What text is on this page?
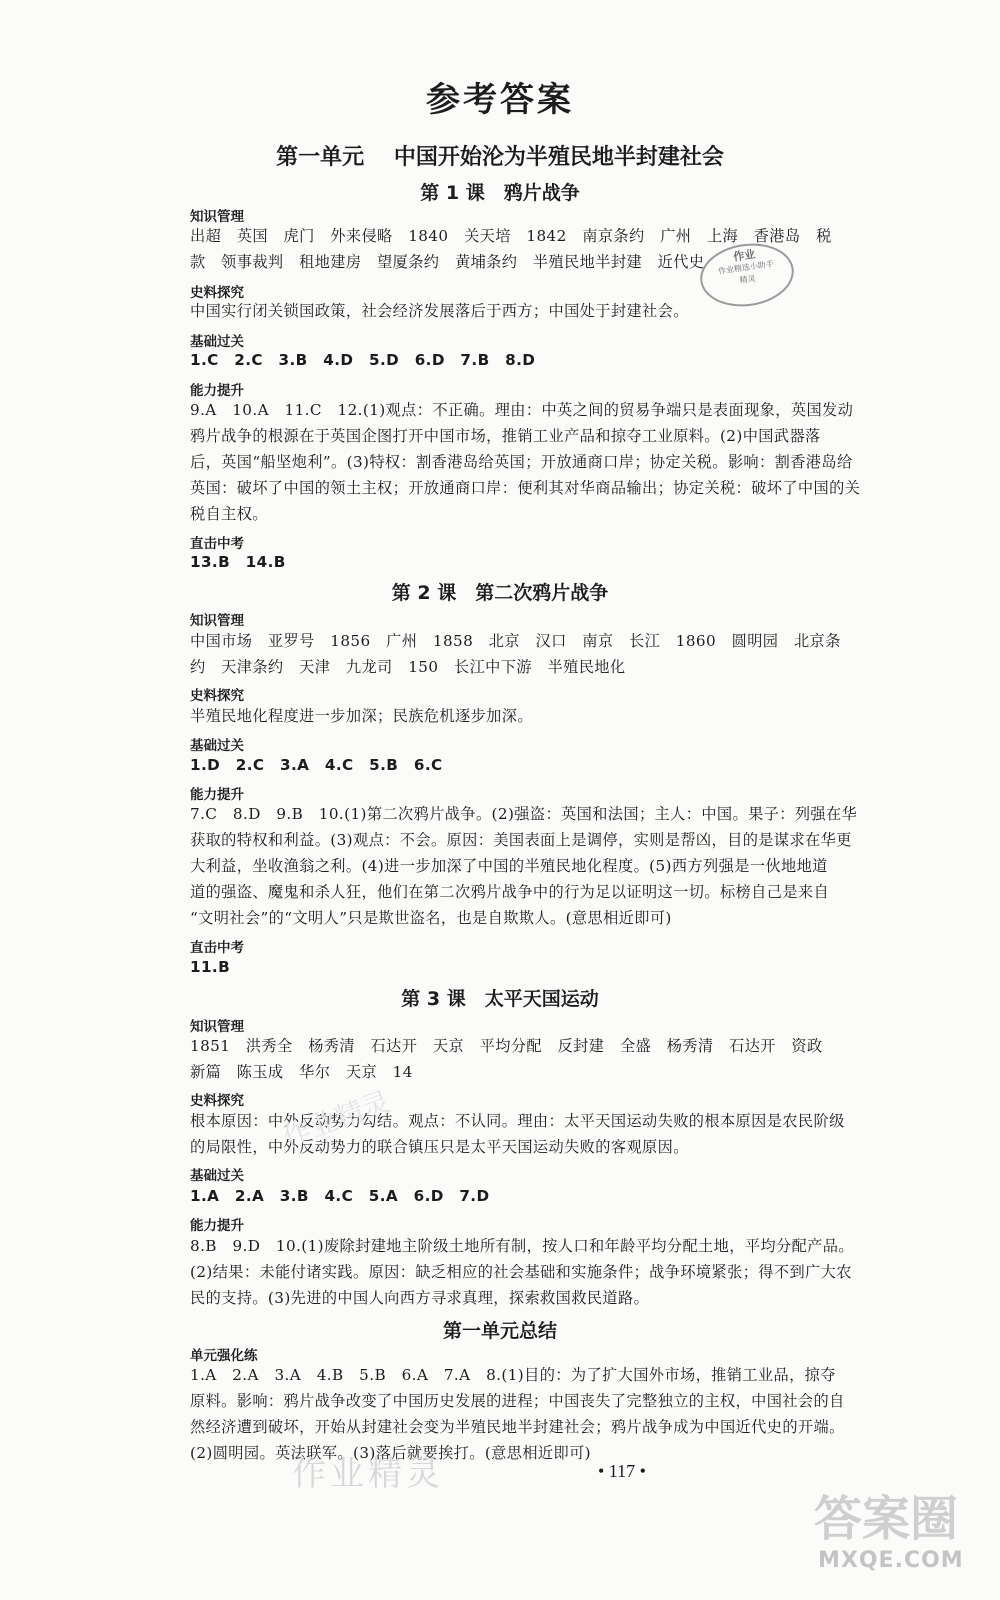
参考答案
第一单元　 中国开始沦为半殖民地半封建社会
第 1 课　鸦片战争
知识管理
出超　英国　虎门　外来侵略　1840　关天培　1842　南京条约　广州　上海　香港岛　税
款　领事裁判　租地建房　望厦条约　黄埔条约　半殖民地半封建　近代史
史料探究
中国实行闭关锁国政策，社会经济发展落后于西方；中国处于封建社会。
基础过关
1.C　2.C　3.B　4.D　5.D　6.D　7.B　8.D
能力提升
9.A　10.A　11.C　12.(1)观点：不正确。理由：中英之间的贸易争端只是表面现象，英国发动
鸦片战争的根源在于英国企图打开中国市场，推销工业产品和掠夺工业原料。(2)中国武器落
后，英国“船坚炮利”。(3)特权：割香港岛给英国；开放通商口岸；协定关税。影响：割香港岛给
英国：破坏了中国的领土主权；开放通商口岸：便利其对华商品输出；协定关税：破坏了中国的关
税自主权。
直击中考
13.B　14.B
第 2 课　第二次鸦片战争
知识管理
中国市场　亚罗号　1856　广州　1858　北京　汉口　南京　长江　1860　圆明园　北京条
约　天津条约　天津　九龙司　150　长江中下游　半殖民地化
史料探究
半殖民地化程度进一步加深；民族危机逐步加深。
基础过关
1.D　2.C　3.A　4.C　5.B　6.C
能力提升
7.C　8.D　9.B　10.(1)第二次鸦片战争。(2)强盗：英国和法国；主人：中国。果子：列强在华
获取的特权和利益。(3)观点：不会。原因：美国表面上是调停，实则是帮凶，目的是谋求在华更
大利益，坐收渔翁之利。(4)进一步加深了中国的半殖民地化程度。(5)西方列强是一伙地地道
道的强盗、魔鬼和杀人狂，他们在第二次鸦片战争中的行为足以证明这一切。标榜自己是来自
“文明社会”的“文明人”只是欺世盗名，也是自欺欺人。(意思相近即可)
直击中考
11.B
第 3 课　太平天国运动
知识管理
1851　洪秀全　杨秀清　石达开　天京　平均分配　反封建　全盛　杨秀清　石达开　资政
新篇　陈玉成　华尔　天京　14
史料探究
根本原因：中外反动势力勾结。观点：不认同。理由：太平天国运动失败的根本原因是农民阶级
的局限性，中外反动势力的联合镇压只是太平天国运动失败的客观原因。
基础过关
1.A　2.A　3.B　4.C　5.A　6.D　7.D
能力提升
8.B　9.D　10.(1)废除封建地主阶级土地所有制，按人口和年龄平均分配土地，平均分配产品。
(2)结果：未能付诸实践。原因：缺乏相应的社会基础和实施条件；战争环境紧张；得不到广大农
民的支持。(3)先进的中国人向西方寻求真理，探索救国救民道路。
第一单元总结
单元强化练
1.A　2.A　3.A　4.B　5.B　6.A　7.A　8.(1)目的：为了扩大国外市场，推销工业品，掠夺
原料。影响：鸦片战争改变了中国历史发展的进程；中国丧失了完整独立的主权，中国社会的自
然经济遭到破坏，开始从封建社会变为半殖民地半封建社会；鸦片战争成为中国近代史的开端。
(2)圆明园。英法联军。(3)落后就要挨打。(意思相近即可)
• 117 •
作业
作业精选小助手
精灵
作业精灵
作业精灵
答案圈
MXQE.COM
